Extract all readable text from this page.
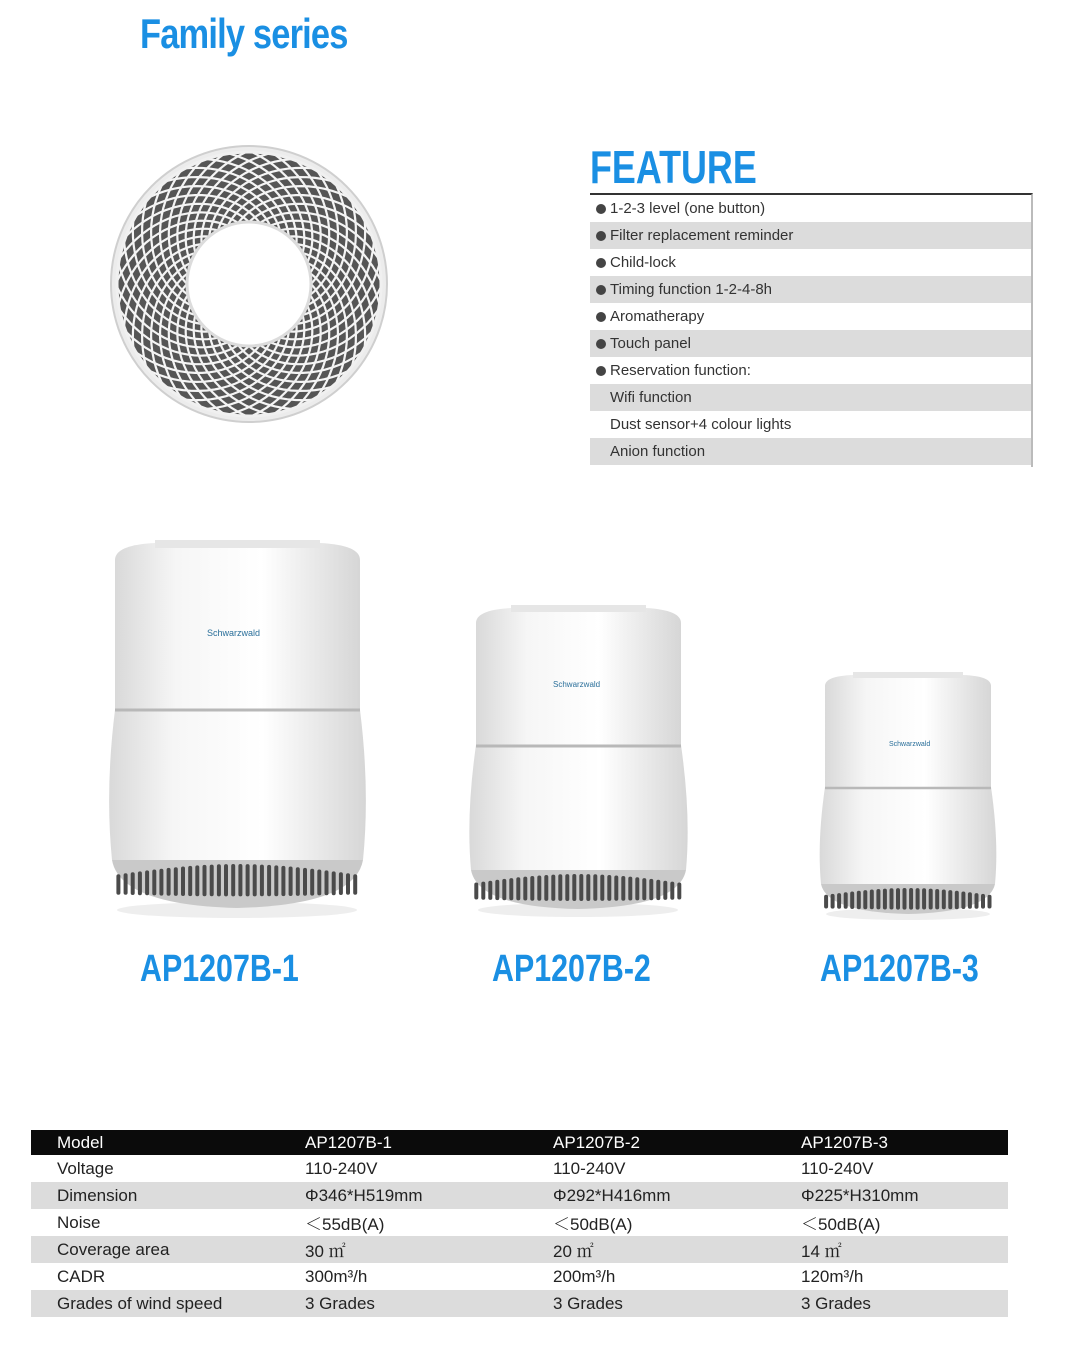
Family series
FEATURE
1-2-3 level (one button)
Filter replacement reminder
Child-lock
Timing function 1-2-4-8h
Aromatherapy
Touch panel
Reservation function:
Wifi function
Dust sensor+4 colour lights
Anion function
Schwarzwald
AP1207B-1
Schwarzwald
AP1207B-2
Schwarzwald
AP1207B-3
Model	AP1207B-1	AP1207B-2	AP1207B-3
Voltage	110-240V	110-240V	110-240V
Dimension	Φ346*H519mm	Φ292*H416mm	Φ225*H310mm
Noise	＜55dB(A)	＜50dB(A)	＜50dB(A)
Coverage area	30 ㎡	20 ㎡	14 ㎡
CADR	300m³/h	200m³/h	120m³/h
Grades of wind speed	3 Grades	3 Grades	3 Grades
